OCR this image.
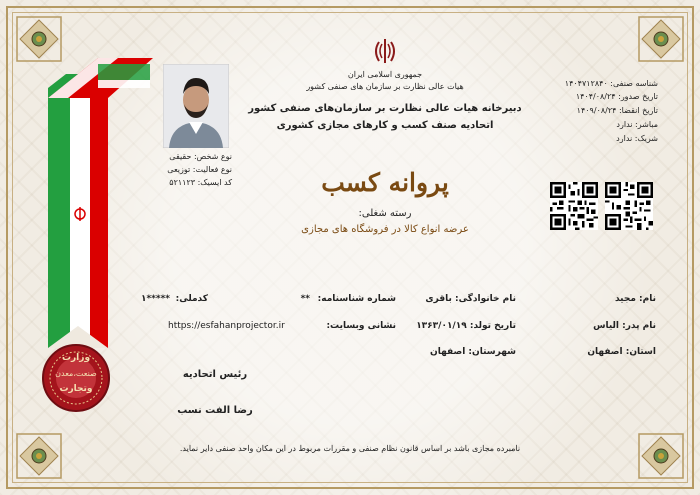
وزارت
صنعت،معدن
وتجارت
نوع شخص: حقیقی
نوع فعالیت: توزیعی
کد ایسیک: ۵۲۱۱۲۳
جمهوری اسلامی ایران
هیات عالی نظارت بر سازمان های صنفی کشور
دبیرخانه هیات عالی نظارت بر سازمان‌های صنفی کشور
اتحادیه صنف کسب و کارهای مجازی کشوری
پروانه کسب
رسته شغلی:
عرضه انواع کالا در فروشگاه های مجازی
شناسه صنفی: ۱۴۰۴۷۱۲۸۴۰
تاریخ صدور: ۱۴۰۴/۰۸/۲۴
تاریخ انقضا: ۱۴۰۹/۰۸/۲۴
مباشر: ندارد
شریک: ندارد
نام: مجید
نام خانوادگی: باقری
شماره شناسنامه:
**
کدملی:
*****۱
نام پدر: الیاس
تاریخ تولد: ۱۳۶۳/۰۱/۱۹
نشانی وبسایت:
https://esfahanprojector.ir
استان: اصفهان
شهرستان: اصفهان
رئیس اتحادیه
رضا الفت نسب
نامبرده مجازی باشد بر اساس قانون نظام صنفی و مقررات مربوط در این مکان واحد صنفی دایر نماید.
